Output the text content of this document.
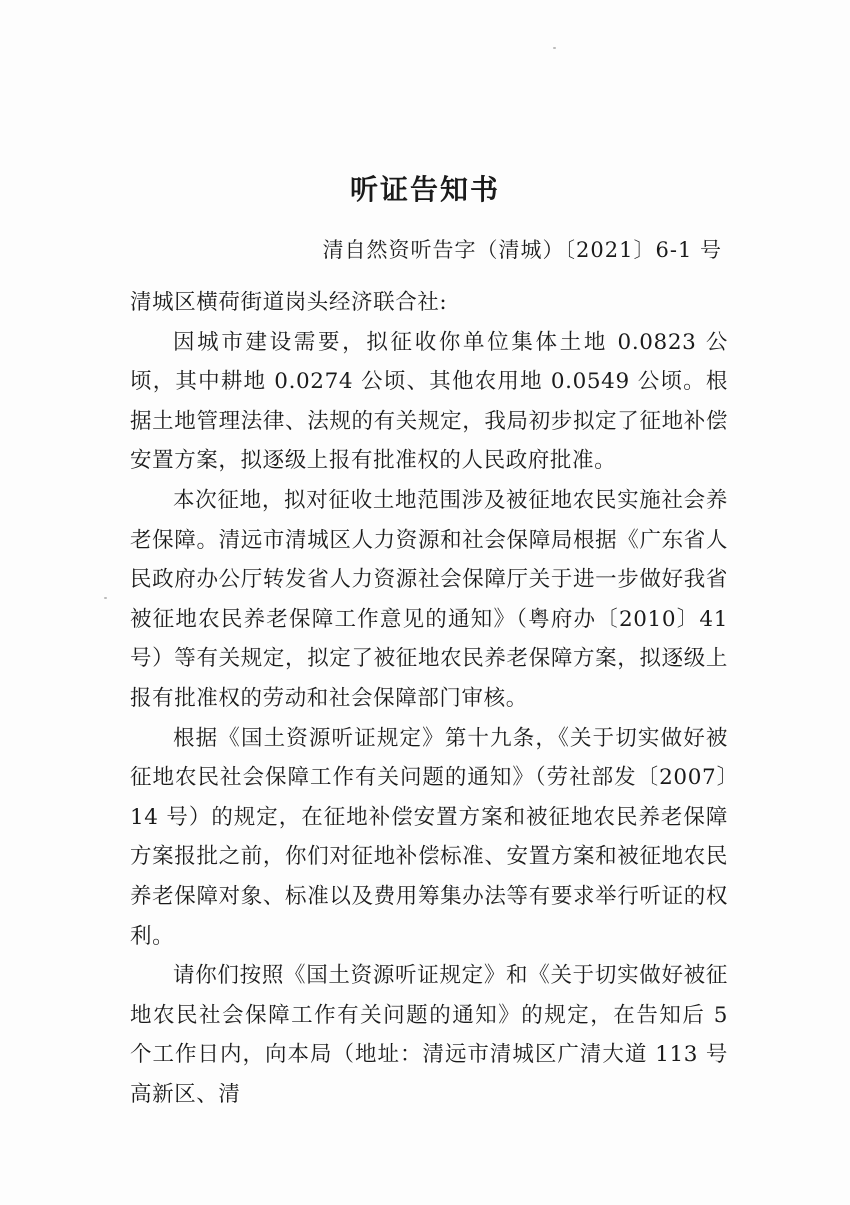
听证告知书
清自然资听告字（清城）〔2021〕6-1 号

清城区横荷街道岗头经济联合社:

因城市建设需要，拟征收你单位集体土地 0.0823 公顷，其中耕地 0.0274 公顷、其他农用地 0.0549 公顷。根据土地管理法律、法规的有关规定，我局初步拟定了征地补偿安置方案，拟逐级上报有批准权的人民政府批准。

本次征地，拟对征收土地范围涉及被征地农民实施社会养老保障。清远市清城区人力资源和社会保障局根据《广东省人民政府办公厅转发省人力资源社会保障厅关于进一步做好我省被征地农民养老保障工作意见的通知》（粤府办〔2010〕41 号）等有关规定，拟定了被征地农民养老保障方案，拟逐级上报有批准权的劳动和社会保障部门审核。

根据《国土资源听证规定》第十九条，《关于切实做好被征地农民社会保障工作有关问题的通知》（劳社部发〔2007〕14 号）的规定，在征地补偿安置方案和被征地农民养老保障方案报批之前，你们对征地补偿标准、安置方案和被征地农民养老保障对象、标准以及费用筹集办法等有要求举行听证的权利。

请你们按照《国土资源听证规定》和《关于切实做好被征地农民社会保障工作有关问题的通知》的规定，在告知后 5 个工作日内，向本局（地址：清远市清城区广清大道 113 号高新区、清
